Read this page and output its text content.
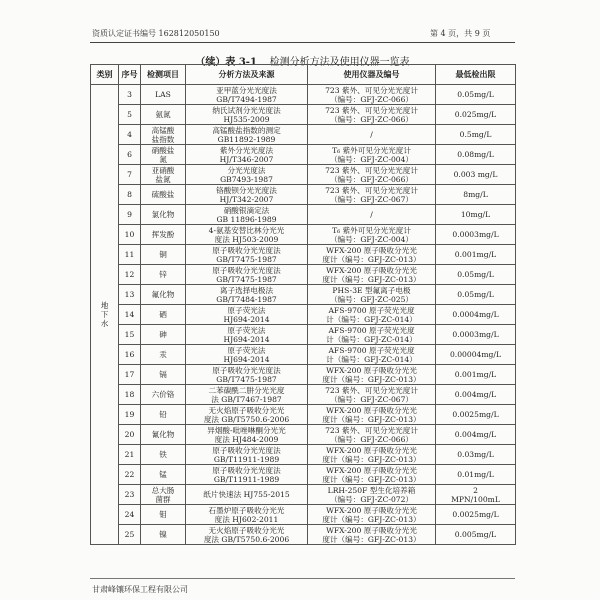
资质认定证书编号 162812050150	第 4 页，共 9 页
（续）表 3-1 检测分析方法及使用仪器一览表
类别	序号	检测项目	分析方法及来源	使用仪器及编号	最低检出限
地下水	3	LAS	亚甲蓝分光光度法
GB/T7494-1987	723 紫外、可见分光光度计
（编号：GFJ-ZC-066）	0.05mg/L
	5	氨氮	纳氏试剂分光光度法
HJ535-2009	723 紫外、可见分光光度计
（编号：GFJ-ZC-066）	0.025mg/L
	4	高锰酸
盐指数	高锰酸盐指数的测定
GB11892-1989	/	0.5mg/L
	6	硝酸盐
氮	紫外分光光度法
HJ/T346-2007	T₆ 紫外可见分光光度计
（编号：GFJ-ZC-004）	0.08mg/L
	7	亚硝酸
盐氮	分光光度法
GB7493-1987	723 紫外、可见分光光度计
（编号：GFJ-ZC-066）	0.003 mg/L
	8	硫酸盐	铬酸钡分光光度法
HJ/T342-2007	723 紫外、可见分光光度计
（编号：GFJ-ZC-067）	8mg/L
	9	氯化物	硝酸银滴定法
GB 11896-1989	/	10mg/L
	10	挥发酚	4-氨基安替比林分光光
度法 HJ503-2009	T₆ 紫外可见分光光度计
（编号：GFJ-ZC-004）	0.0003mg/L
	11	铜	原子吸收分光光度法
GB/T7475-1987	WFX-200 原子吸收分光光
度计（编号：GFJ-ZC-013）	0.001mg/L
	12	锌	原子吸收分光光度法
GB/T7475-1987	WFX-200 原子吸收分光光
度计（编号：GFJ-ZC-013）	0.05mg/L
	13	氟化物	离子选择电极法
GB/T7484-1987	PHS-3E 型氟离子电极
（编号：GFJ-ZC-025）	0.05mg/L
	14	硒	原子荧光法
HJ694-2014	AFS-9700 原子荧光光度
计（编号：GFJ-ZC-014）	0.0004mg/L
	15	砷	原子荧光法
HJ694-2014	AFS-9700 原子荧光光度
计（编号：GFJ-ZC-014）	0.0003mg/L
	16	汞	原子荧光法
HJ694-2014	AFS-9700 原子荧光光度
计（编号：GFJ-ZC-014）	0.00004mg/L
	17	镉	原子吸收分光光度法
GB/T7475-1987	WFX-200 原子吸收分光光
度计（编号：GFJ-ZC-013）	0.001mg/L
	18	六价铬	二苯碳酰二肼分光光度
法 GB/T7467-1987	723 紫外、可见分光光度计
（编号：GFJ-ZC-067）	0.004mg/L
	19	铅	无火焰原子吸收分光光
度法 GB/T5750.6-2006	WFX-200 原子吸收分光光
度计（编号：GFJ-ZC-013）	0.0025mg/L
	20	氰化物	异烟酸-吡唑啉酮分光光
度法 HJ484-2009	723 紫外、可见分光光度计
（编号：GFJ-ZC-066）	0.004mg/L
	21	铁	原子吸收分光光度法
GB/T11911-1989	WFX-200 原子吸收分光光
度计（编号：GFJ-ZC-013）	0.03mg/L
	22	锰	原子吸收分光光度法
GB/T11911-1989	WFX-200 原子吸收分光光
度计（编号：GFJ-ZC-013）	0.01mg/L
	23	总大肠
菌群	纸片快速法 HJ755-2015	LRH-250F 型生化培养箱
（编号：GFJ-ZC-072）	2
MPN/100mL
	24	钼	石墨炉原子吸收分光光
度法 HJ602-2011	WFX-200 原子吸收分光光
度计（编号：GFJ-ZC-013）	0.0025mg/L
	25	镍	无火焰原子吸收分光光
度法 GB/T5750.6-2006	WFX-200 原子吸收分光光
度计（编号：GFJ-ZC-013）	0.005mg/L
甘肃峰镶环保工程有限公司
